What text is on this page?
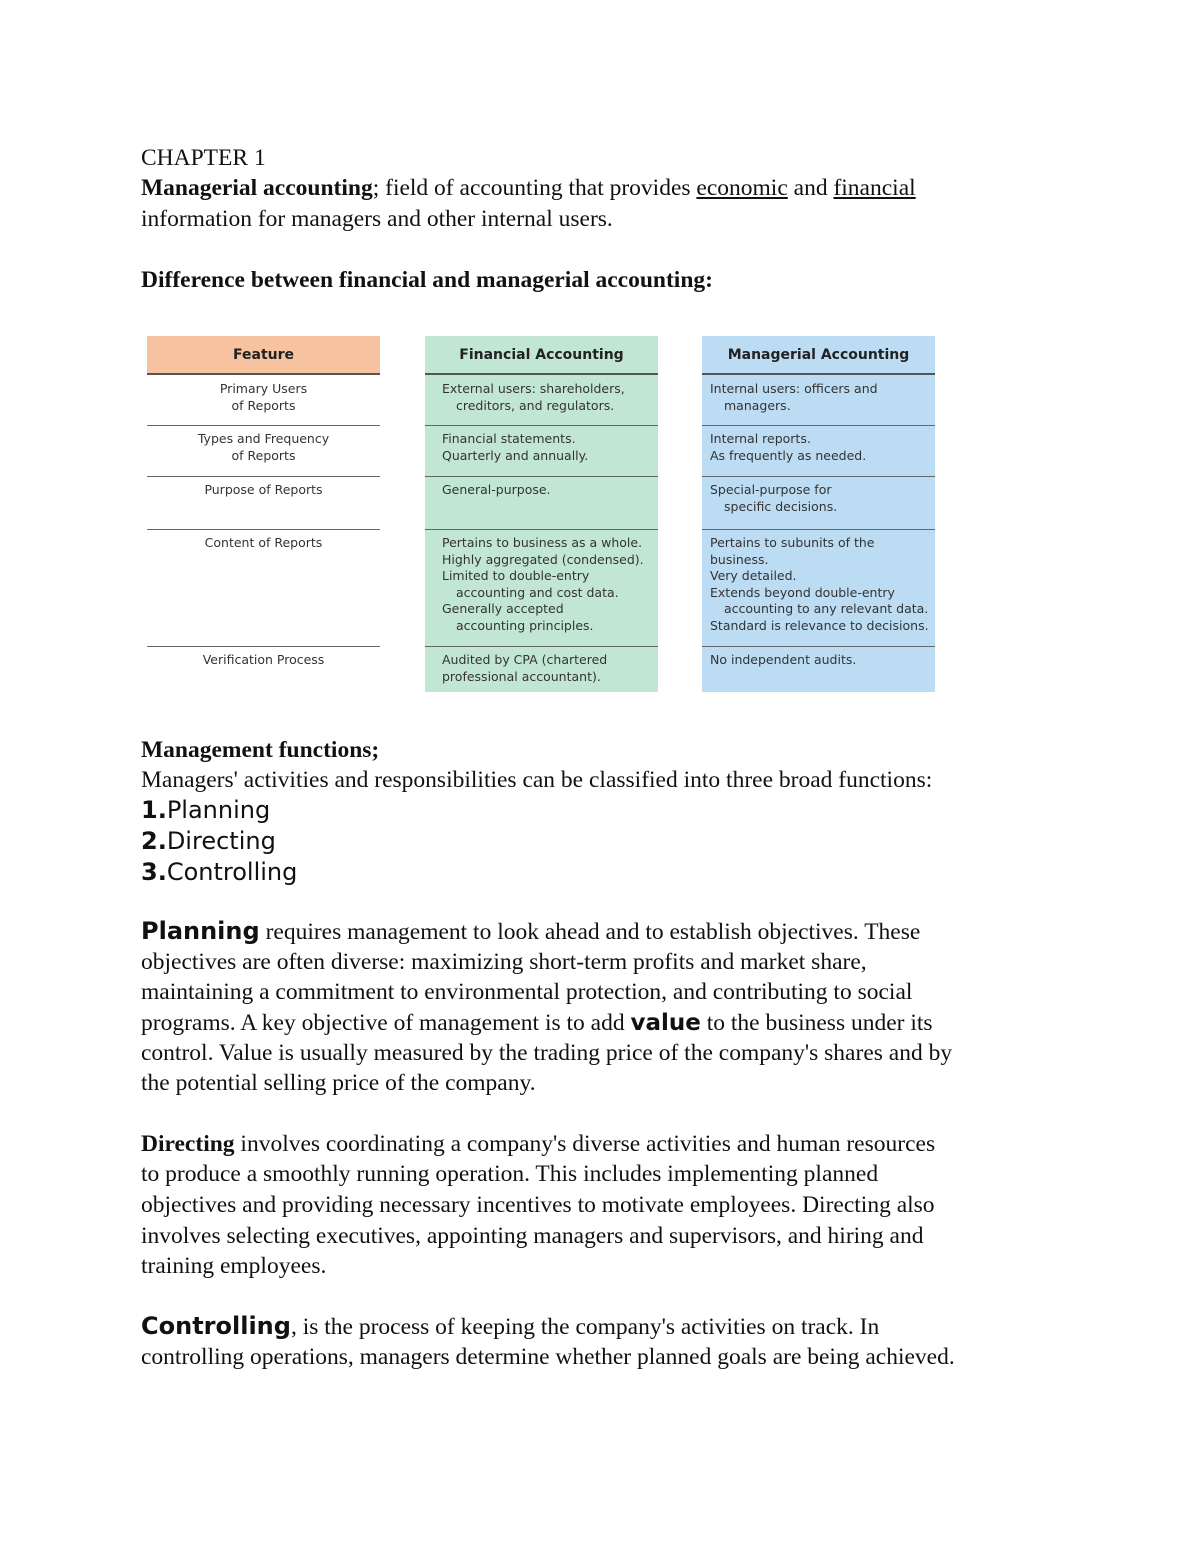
CHAPTER 1
Managerial accounting; field of accounting that provides economic and financial
information for managers and other internal users.
Difference between financial and managerial accounting:
Feature
Primary Users
of Reports
Types and Frequency
of Reports
Purpose of Reports
Content of Reports
Verification Process
Financial Accounting
External users: shareholders,
creditors, and regulators.
Financial statements.
Quarterly and annually.
General-purpose.
Pertains to business as a whole.
Highly aggregated (condensed).
Limited to double-entry
accounting and cost data.
Generally accepted
accounting principles.
Audited by CPA (chartered
professional accountant).
Managerial Accounting
Internal users: officers and
managers.
Internal reports.
As frequently as needed.
Special-purpose for
specific decisions.
Pertains to subunits of the business.
Very detailed.
Extends beyond double-entry
accounting to any relevant data.
Standard is relevance to decisions.
No independent audits.
Management functions;
Managers' activities and responsibilities can be classified into three broad functions:
1.Planning
2.Directing
3.Controlling
Planning requires management to look ahead and to establish objectives. These
objectives are often diverse: maximizing short-term profits and market share,
maintaining a commitment to environmental protection, and contributing to social
programs. A key objective of management is to add value to the business under its
control. Value is usually measured by the trading price of the company's shares and by
the potential selling price of the company.
Directing involves coordinating a company's diverse activities and human resources
to produce a smoothly running operation. This includes implementing planned
objectives and providing necessary incentives to motivate employees. Directing also
involves selecting executives, appointing managers and supervisors, and hiring and
training employees.
Controlling, is the process of keeping the company's activities on track. In
controlling operations, managers determine whether planned goals are being achieved.
